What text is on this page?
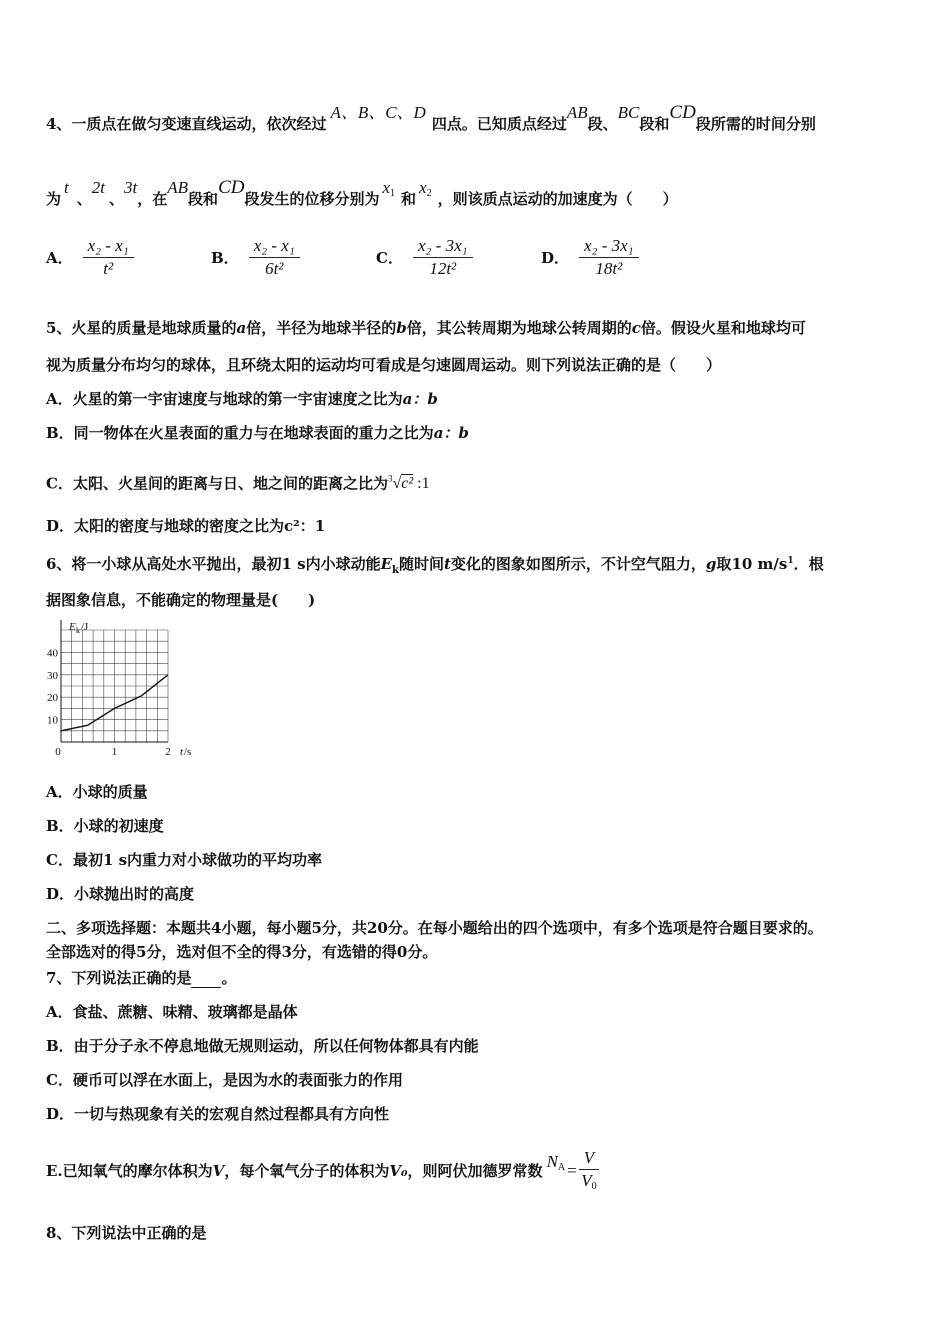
4、一质点在做匀变速直线运动，依次经过A、B、C、D四点。已知质点经过AB段、BC段和CD段所需的时间分别
为t、2t、3t，在AB段和CD段发生的位移分别为x1 和x2 ，则该质点运动的加速度为（　　）
A． $\frac{\text{x₂ - x₁}}{\text{t²}}$	B． $\frac{\text{x₂ - x₁}}{\text{6t²}}$	C． $\frac{\text{x₂ - 3x₁}}{\text{12t²}}$	D． $\frac{\text{x₂ - 3x₁}}{\text{18t²}}$
5、火星的质量是地球质量的a倍，半径为地球半径的b倍，其公转周期为地球公转周期的c倍。假设火星和地球均可
视为质量分布均匀的球体，且环绕太阳的运动均可看成是匀速圆周运动。则下列说法正确的是（　　）
A．火星的第一宇宙速度与地球的第一宇宙速度之比为a：b
B．同一物体在火星表面的重力与在地球表面的重力之比为a：b
C．太阳、火星间的距离与日、地之间的距离之比为$^3$√c² :1
D．太阳的密度与地球的密度之比为c²：1
6、将一小球从高处水平抛出，最初1 s内小球动能$E_k$随时间t变化的图象如图所示，不计空气阻力，g取10 $m/s^1$．根
据图象信息，不能确定的物理量是(　　)
0	1	2
10
20
30
40
E k /J
t /s
A．小球的质量
B．小球的初速度
C．最初1 s内重力对小球做功的平均功率
D．小球抛出时的高度
二、多项选择题：本题共4小题，每小题5分，共20分。在每小题给出的四个选项中，有多个选项是符合题目要求的。
全部选对的得5分，选对但不全的得3分，有选错的得0分。
7、下列说法正确的是 。
A．食盐、蔗糖、味精、玻璃都是晶体
B．由于分子永不停息地做无规则运动，所以任何物体都具有内能
C．硬币可以浮在水面上，是因为水的表面张力的作用
D．一切与热现象有关的宏观自然过程都具有方向性
E.已知氧气的摩尔体积为 V ，每个氧气分子的体积为 V₀ ，则阿伏加德罗常数
NA = $\frac{V}{V0}$
8、下列说法中正确的是
